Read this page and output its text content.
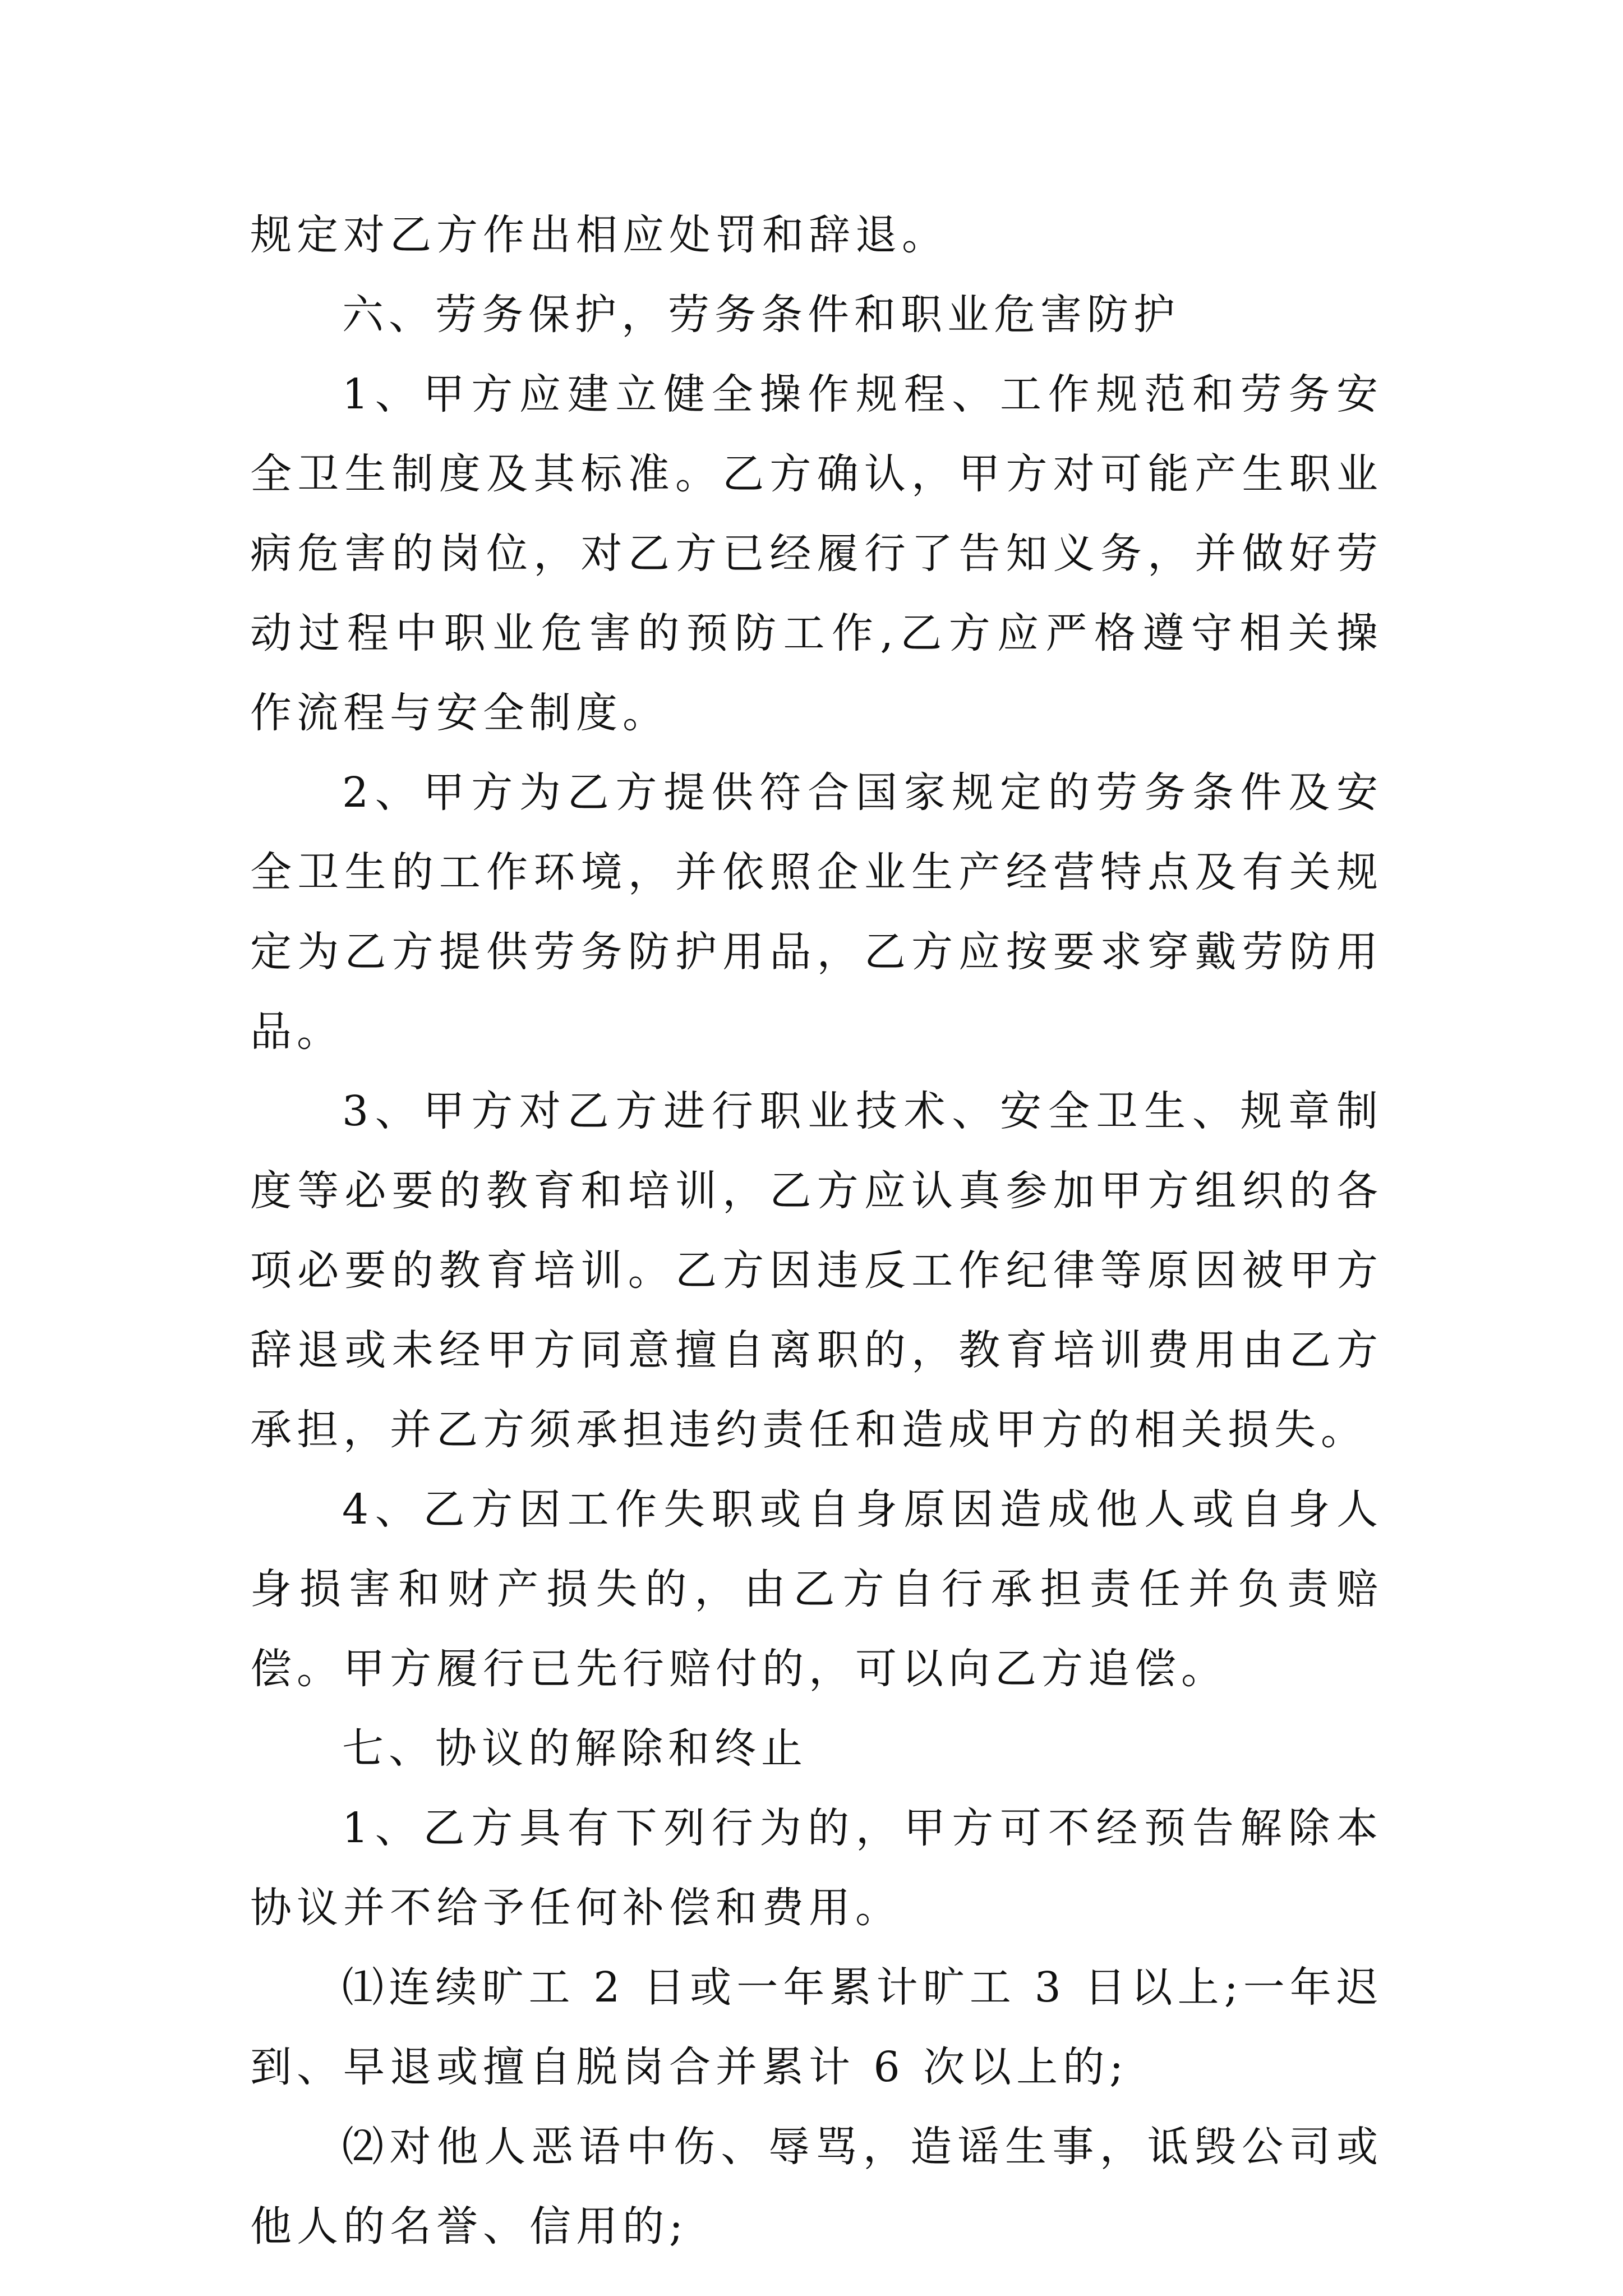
规定对乙方作出相应处罚和辞退。

六、劳务保护，劳务条件和职业危害防护

1、甲方应建立健全操作规程、工作规范和劳务安全卫生制度及其标准。乙方确认，甲方对可能产生职业病危害的岗位，对乙方已经履行了告知义务，并做好劳动过程中职业危害的预防工作,乙方应严格遵守相关操作流程与安全制度。

2、甲方为乙方提供符合国家规定的劳务条件及安全卫生的工作环境，并依照企业生产经营特点及有关规定为乙方提供劳务防护用品，乙方应按要求穿戴劳防用品。

3、甲方对乙方进行职业技术、安全卫生、规章制度等必要的教育和培训，乙方应认真参加甲方组织的各项必要的教育培训。乙方因违反工作纪律等原因被甲方辞退或未经甲方同意擅自离职的，教育培训费用由乙方承担，并乙方须承担违约责任和造成甲方的相关损失。

4、乙方因工作失职或自身原因造成他人或自身人身损害和财产损失的，由乙方自行承担责任并负责赔偿。甲方履行已先行赔付的，可以向乙方追偿。

七、协议的解除和终止

1、乙方具有下列行为的，甲方可不经预告解除本协议并不给予任何补偿和费用。

⑴连续旷工 2 日或一年累计旷工 3 日以上;一年迟到、早退或擅自脱岗合并累计 6 次以上的;

⑵对他人恶语中伤、辱骂，造谣生事，诋毁公司或他人的名誉、信用的;
